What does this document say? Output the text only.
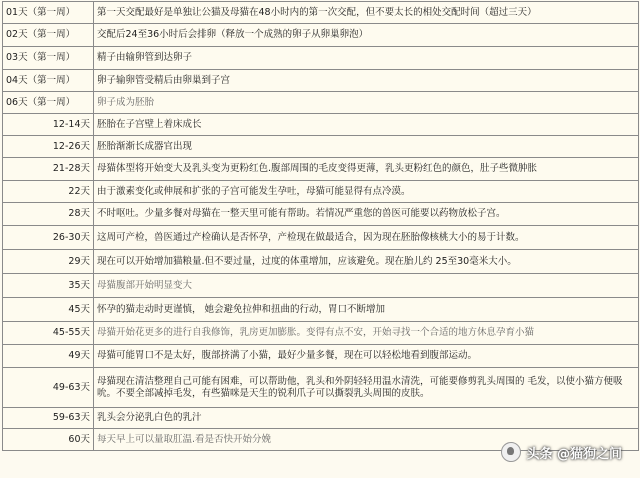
01天（第一周）	第一天交配最好是单独让公猫及母猫在48小时内的第一次交配，但不要太长的相处交配时间（超过三天）
02天（第一周）	交配后24至36小时后会排卵（释放一个成熟的卵子从卵巢卵泡）
03天（第一周）	精子由输卵管到达卵子
04天（第一周）	卵子输卵管受精后由卵巢到子宫
06天（第一周）	卵子成为胚胎
12-14天	胚胎在子宫壁上着床成长
12-26天	胚胎渐渐长成器官出现
21-28天	母猫体型将开始变大及乳头变为更粉红色.腹部周围的毛皮变得更薄，乳头更粉红色的颜色，肚子些微肿胀
22天	由于激素变化或伸展和扩张的子宫可能发生孕吐，母猫可能显得有点冷漠。
28天	不时呕吐。少量多餐对母猫在一整天里可能有帮助。若情况严重您的兽医可能要以药物放松子宫。
26-30天	这周可产检，兽医通过产检确认是否怀孕，产检现在做最适合，因为现在胚胎像核桃大小的易于计数。
29天	现在可以开始增加猫粮量.但不要过量，过度的体重增加，应该避免。现在胎儿约 25至30毫米大小。
35天	母猫腹部开始明显变大
45天	怀孕的猫走动时更谨慎， 她会避免拉伸和扭曲的行动，胃口不断增加
45-55天	母猫开始花更多的进行自我修饰，乳房更加膨胀。变得有点不安，开始寻找一个合适的地方休息孕育小猫
49天	母猫可能胃口不是太好，腹部挤满了小猫，最好少量多餐，现在可以轻松地看到腹部运动。
49-63天	母猫现在清洁整理自己可能有困难，可以帮助他，乳头和外阴轻轻用温水清洗，可能要修剪乳头周围的 毛发，以使小猫方便吸吮。不要全部减掉毛发，有些猫咪是天生的锐利爪子可以撕裂乳头周围的皮肤。
59-63天	乳头会分泌乳白色的乳汁
60天	每天早上可以量取肛温.看是否快开始分娩
头条 @猫狗之间
